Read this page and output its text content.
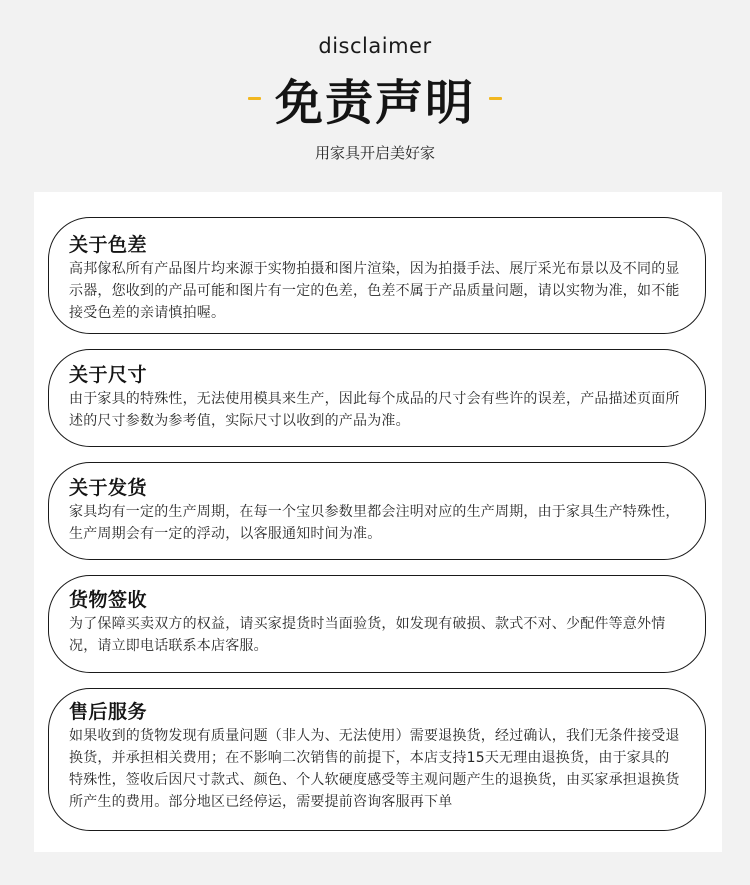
disclaimer
免责声明
用家具开启美好家
关于色差
高邦傢私所有产品图片均来源于实物拍摄和图片渲染，因为拍摄手法、展厅采光布景以及不同的显示器，您收到的产品可能和图片有一定的色差，色差不属于产品质量问题，请以实物为准，如不能接受色差的亲请慎拍喔。
关于尺寸
由于家具的特殊性，无法使用模具来生产，因此每个成品的尺寸会有些许的误差，产品描述页面所述的尺寸参数为参考值，实际尺寸以收到的产品为准。
关于发货
家具均有一定的生产周期，在每一个宝贝参数里都会注明对应的生产周期，由于家具生产特殊性，生产周期会有一定的浮动，以客服通知时间为准。
货物签收
为了保障买卖双方的权益，请买家提货时当面验货，如发现有破损、款式不对、少配件等意外情况，请立即电话联系本店客服。
售后服务
如果收到的货物发现有质量问题（非人为、无法使用）需要退换货，经过确认，我们无条件接受退换货，并承担相关费用；在不影响二次销售的前提下，本店支持15天无理由退换货，由于家具的特殊性，签收后因尺寸款式、颜色、个人软硬度感受等主观问题产生的退换货，由买家承担退换货所产生的费用。部分地区已经停运，需要提前咨询客服再下单
